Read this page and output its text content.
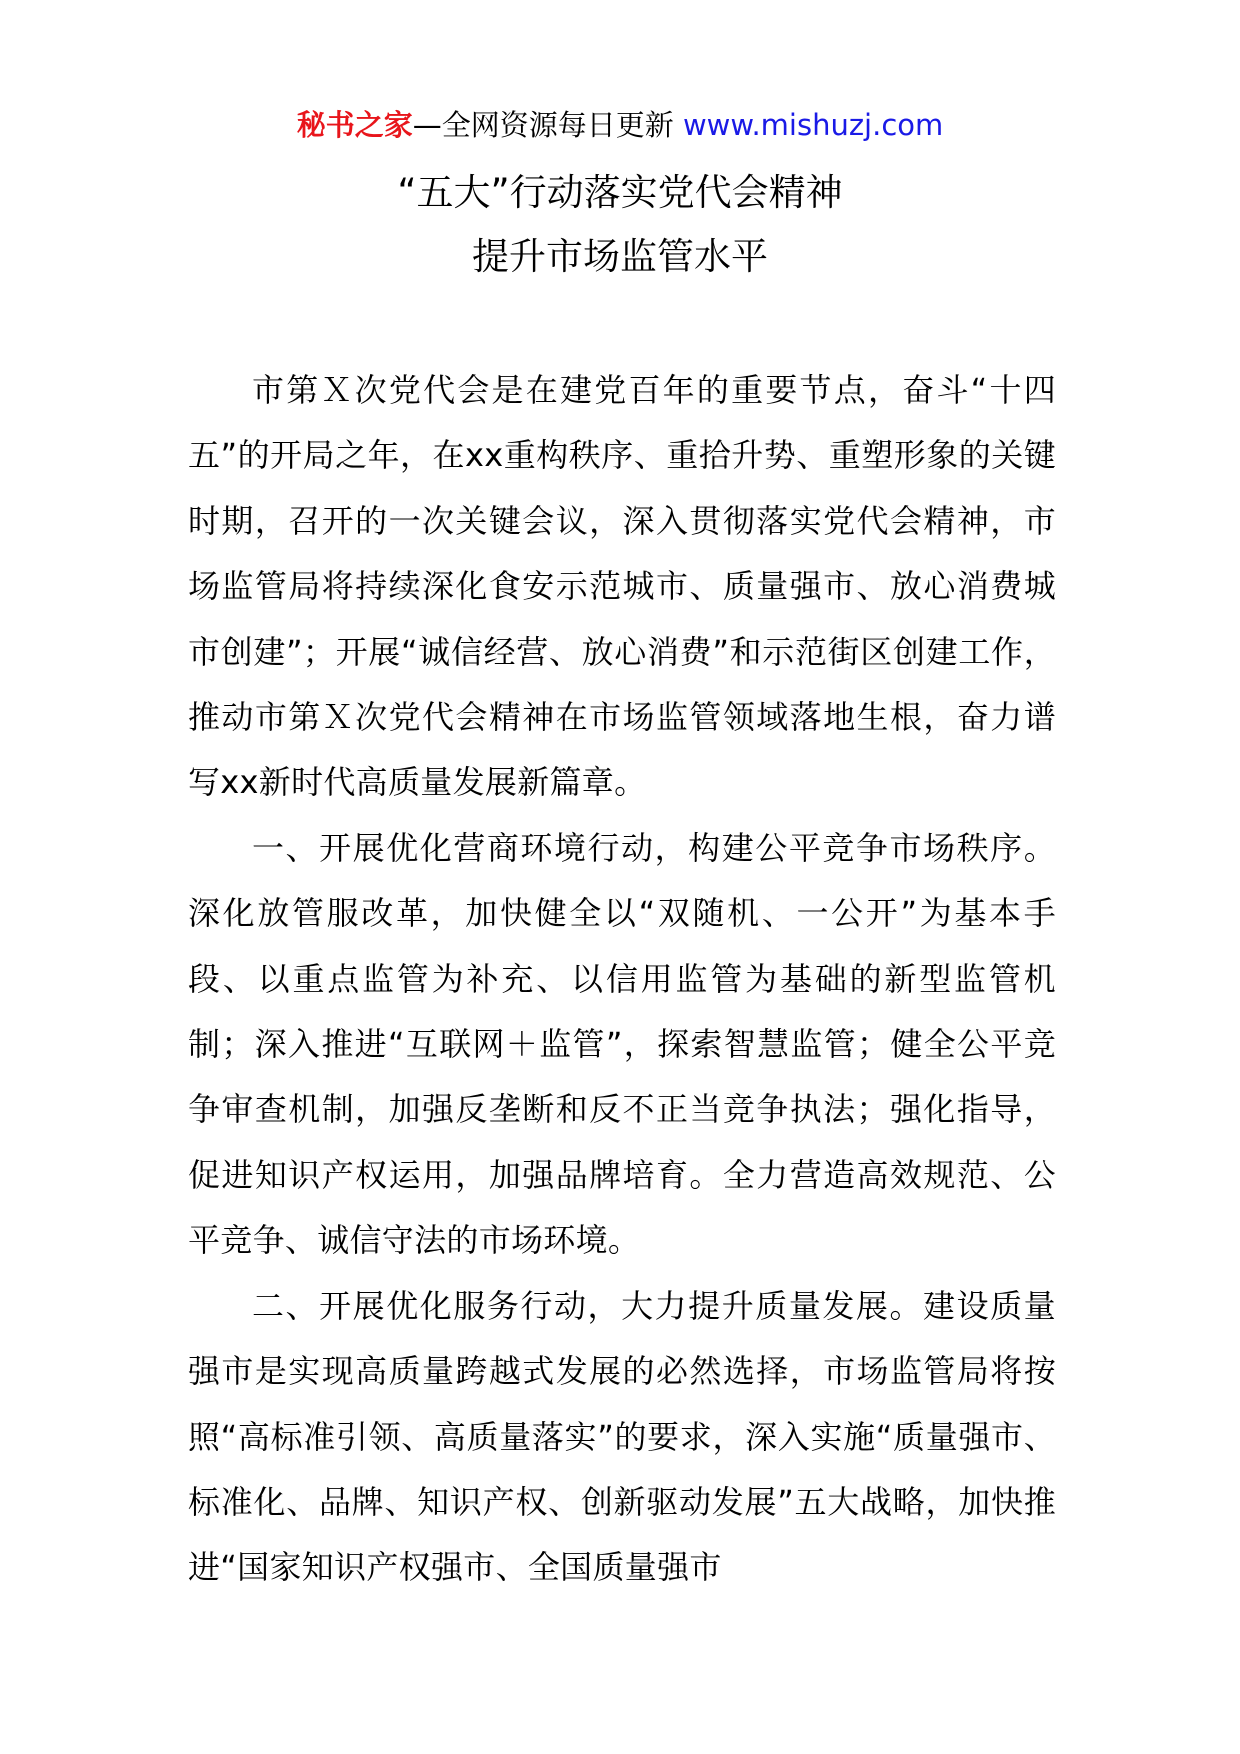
秘书之家—全网资源每日更新 www.mishuzj.com
“五大”行动落实党代会精神
提升市场监管水平

市第Ｘ次党代会是在建党百年的重要节点，奋斗“十四五”的开局之年，在xx重构秩序、重拾升势、重塑形象的关键时期，召开的一次关键会议，深入贯彻落实党代会精神，市场监管局将持续深化食安示范城市、质量强市、放心消费城市创建”；开展“诚信经营、放心消费”和示范街区创建工作，推动市第Ｘ次党代会精神在市场监管领域落地生根，奋力谱写xx新时代高质量发展新篇章。

一、开展优化营商环境行动，构建公平竞争市场秩序。深化放管服改革，加快健全以“双随机、一公开”为基本手段、以重点监管为补充、以信用监管为基础的新型监管机制；深入推进“互联网＋监管”，探索智慧监管；健全公平竞争审查机制，加强反垄断和反不正当竞争执法；强化指导，促进知识产权运用，加强品牌培育。全力营造高效规范、公平竞争、诚信守法的市场环境。

二、开展优化服务行动，大力提升质量发展。建设质量强市是实现高质量跨越式发展的必然选择，市场监管局将按照“高标准引领、高质量落实”的要求，深入实施“质量强市、标准化、品牌、知识产权、创新驱动发展”五大战略，加快推进“国家知识产权强市、全国质量强市
